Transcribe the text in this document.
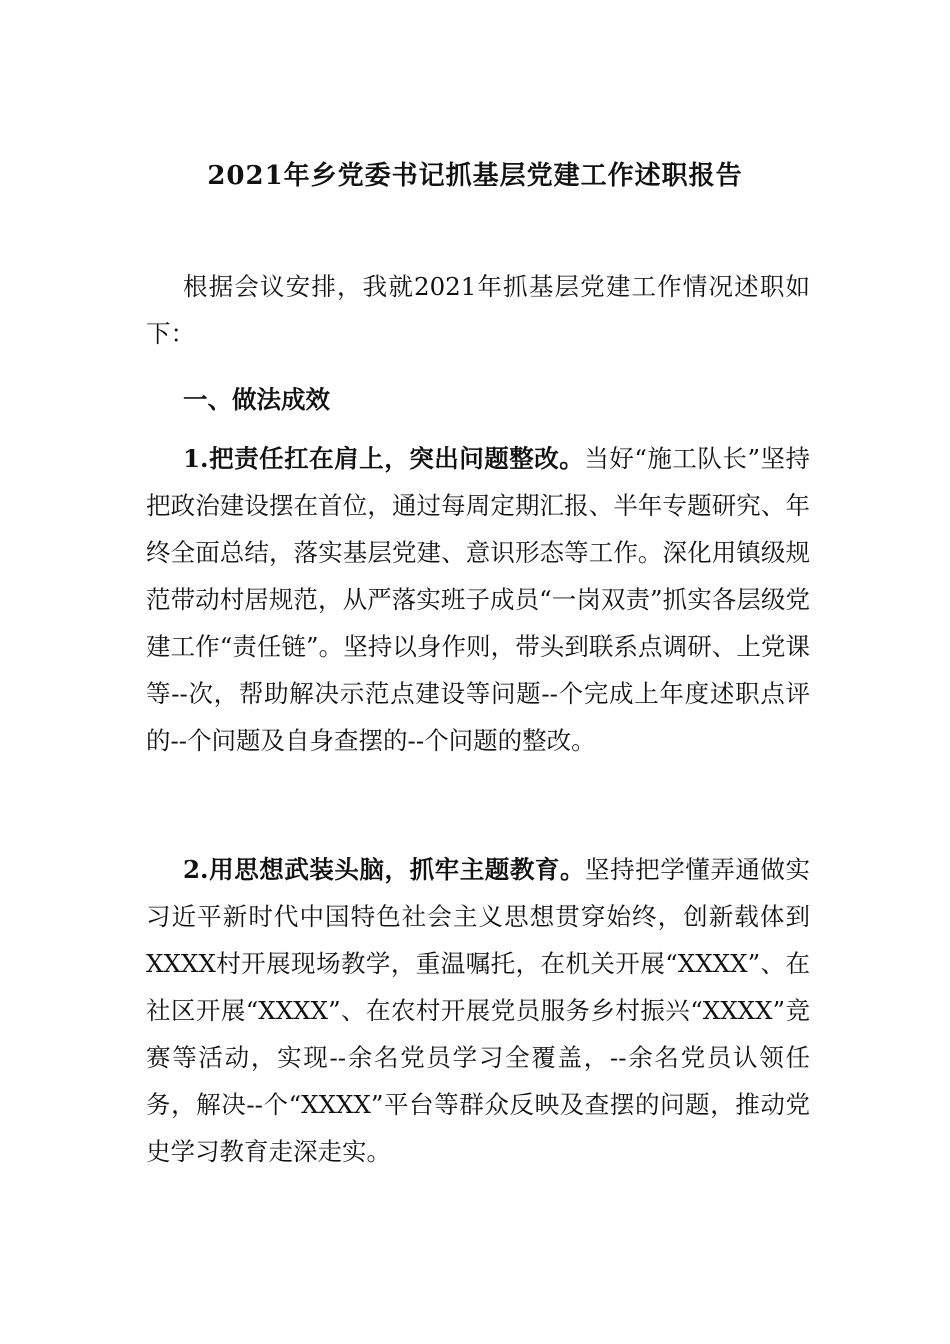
2021年乡党委书记抓基层党建工作述职报告

根据会议安排，我就2021年抓基层党建工作情况述职如下：

一、做法成效

1.把责任扛在肩上，突出问题整改。当好“施工队长”坚持把政治建设摆在首位，通过每周定期汇报、半年专题研究、年终全面总结，落实基层党建、意识形态等工作。深化用镇级规范带动村居规范，从严落实班子成员“一岗双责”抓实各层级党建工作“责任链”。坚持以身作则，带头到联系点调研、上党课等--次，帮助解决示范点建设等问题--个完成上年度述职点评的--个问题及自身查摆的--个问题的整改。

2.用思想武装头脑，抓牢主题教育。坚持把学懂弄通做实习近平新时代中国特色社会主义思想贯穿始终，创新载体到XXXX村开展现场教学，重温嘱托，在机关开展“XXXX”、在社区开展“XXXX”、在农村开展党员服务乡村振兴“XXXX”竞赛等活动，实现--余名党员学习全覆盖，--余名党员认领任务，解决--个“XXXX”平台等群众反映及查摆的问题，推动党史学习教育走深走实。
